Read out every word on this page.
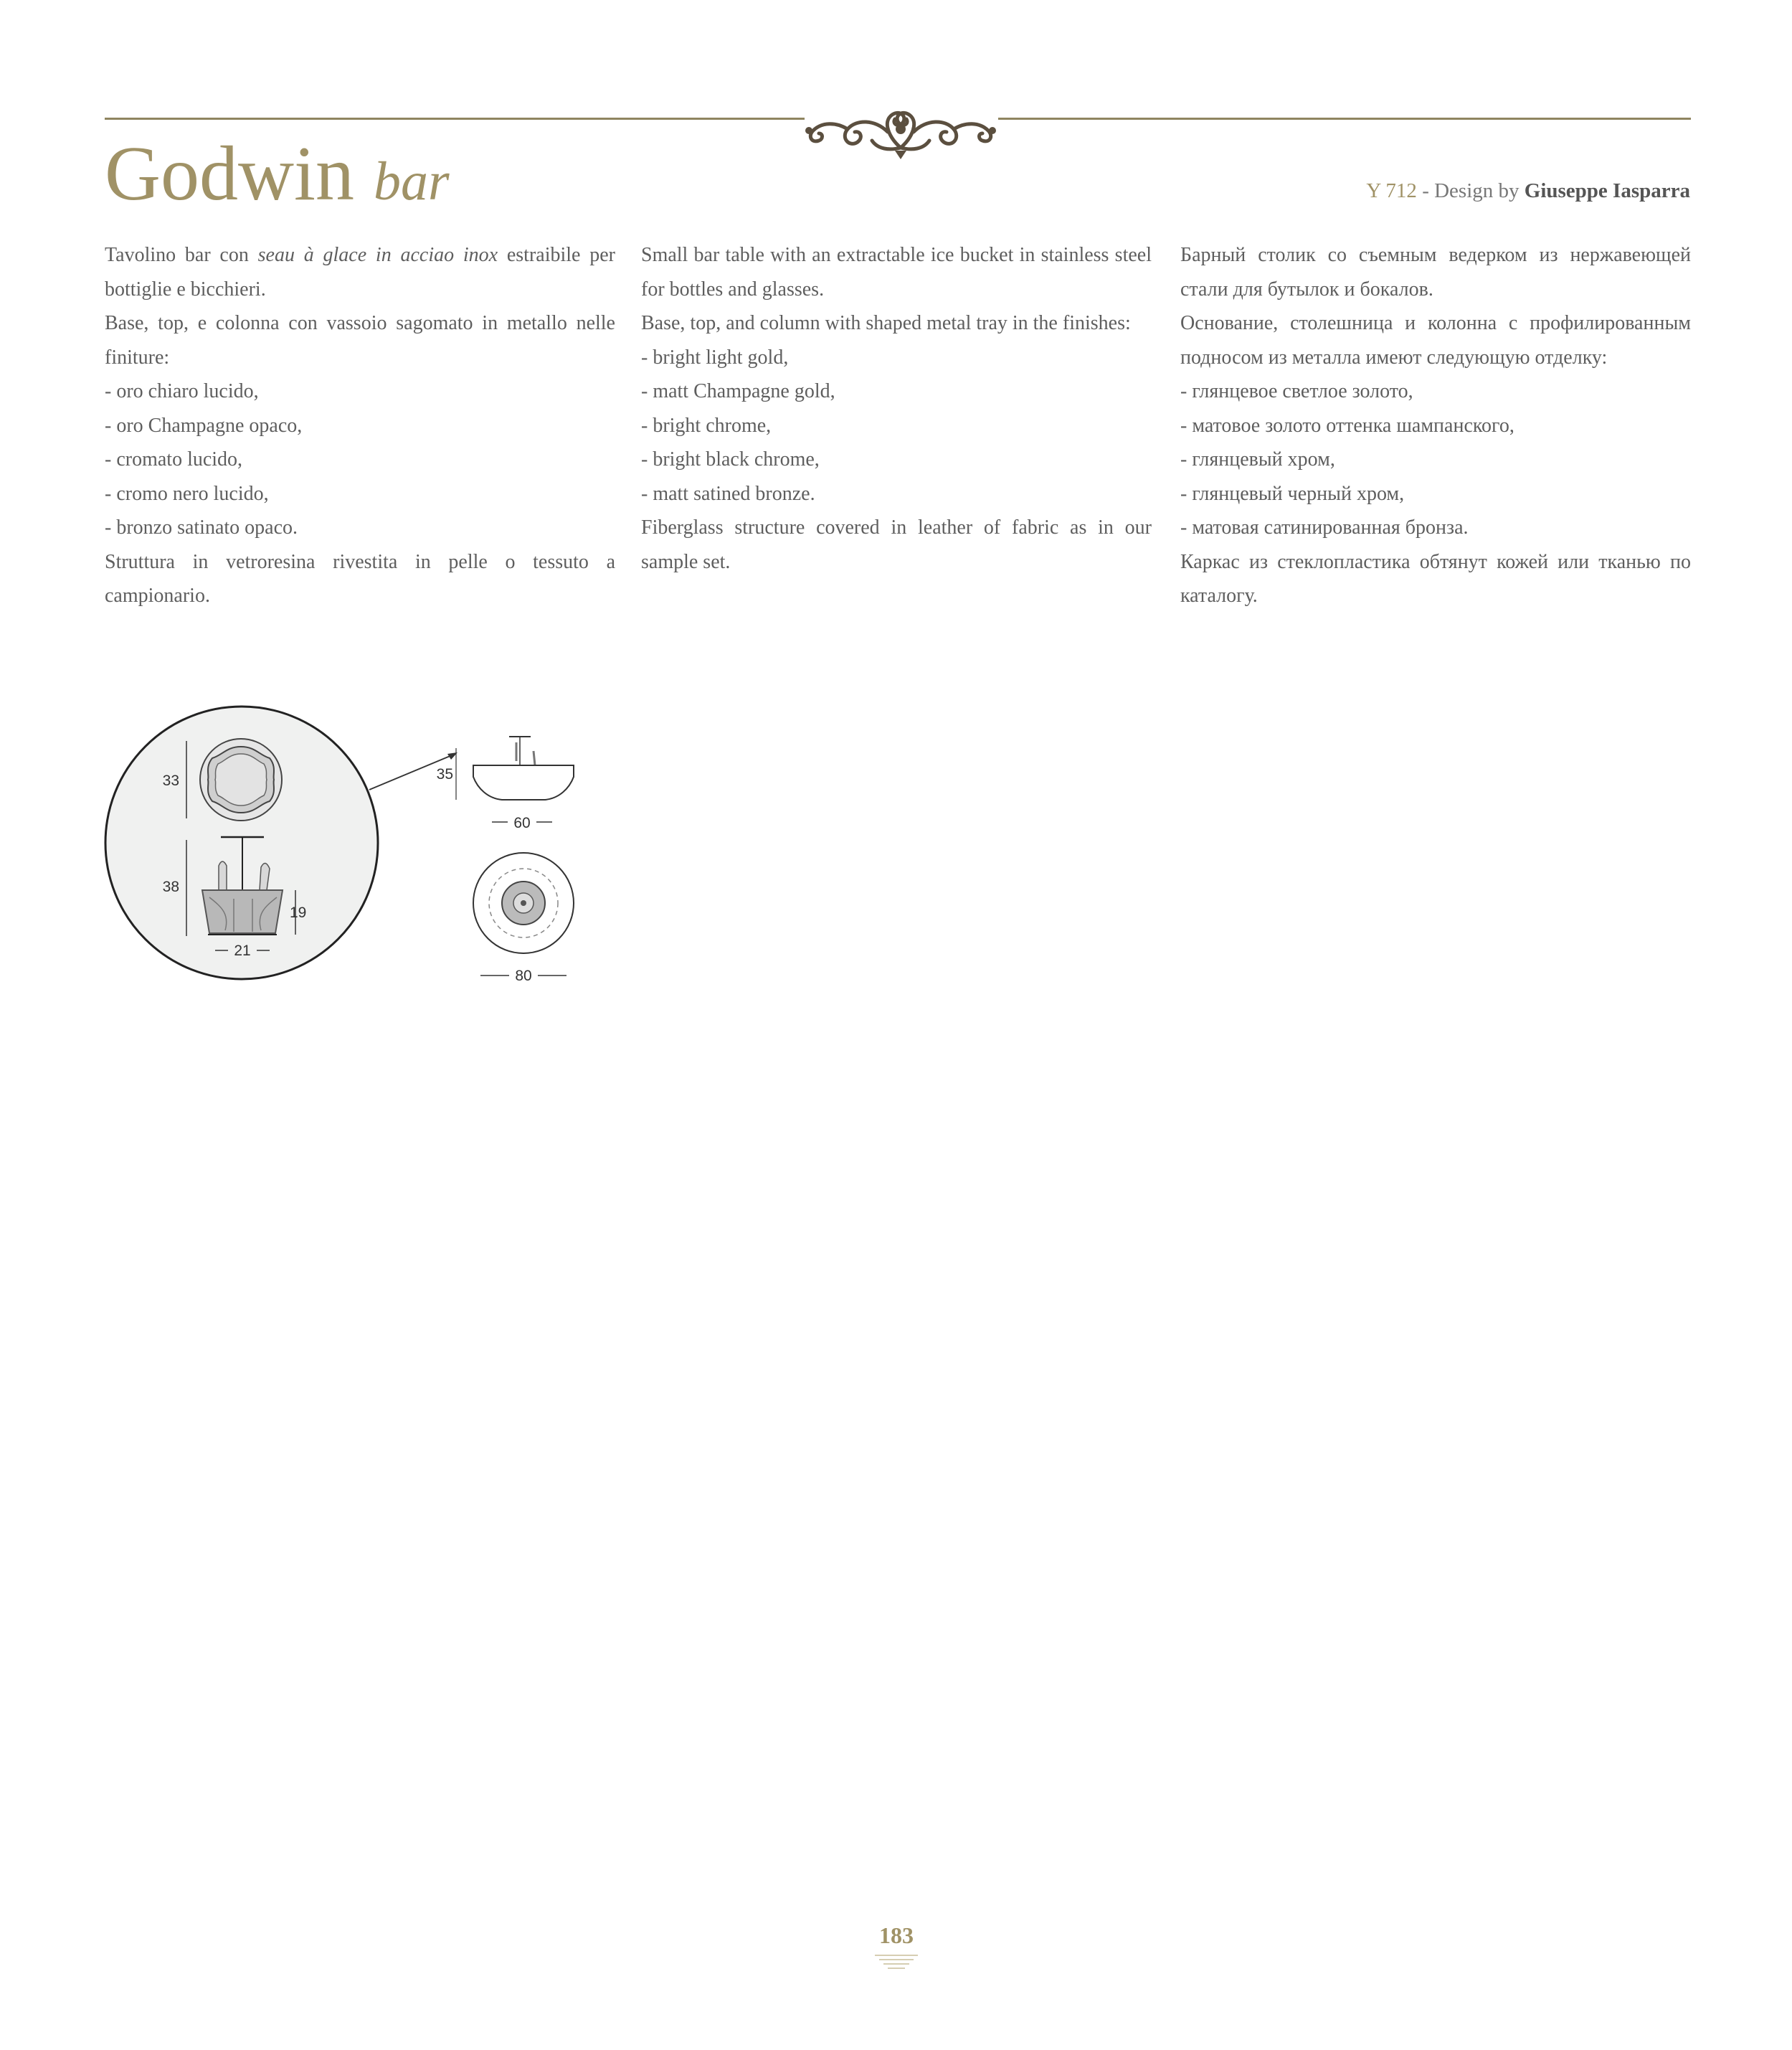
Godwin bar	Y 712 - Design by Giuseppe Iasparra

Tavolino bar con seau à glace in acciao inox estraibile per bottiglie e bicchieri.

Base, top, e colonna con vassoio sagomato in metallo nelle finiture:

- oro chiaro lucido,

- oro Champagne opaco,

- cromato lucido,

- cromo nero lucido,

- bronzo satinato opaco.

Struttura in vetroresina rivestita in pelle o tessuto a campionario.

Small bar table with an extractable ice bucket in stainless steel for bottles and glasses.

Base, top, and column with shaped metal tray in the finishes:

- bright light gold,

- matt Champagne gold,

- bright chrome,

- bright black chrome,

- matt satined bronze.

Fiberglass structure covered in leather of fabric as in our sample set.

Барный столик со съемным ведерком из нержавеющей стали для бутылок и бокалов.

Основание, столешница и колонна с профилированным подносом из металла имеют следующую отделку:

- глянцевое светлое золото,

- матовое золото оттенка шампанского,

- глянцевый хром,

- глянцевый черный хром,

- матовая сатинированная бронза.

Каркас из стеклопластика обтянут кожей или тканью по каталогу.

33
38
19
21
35
60
80
183
